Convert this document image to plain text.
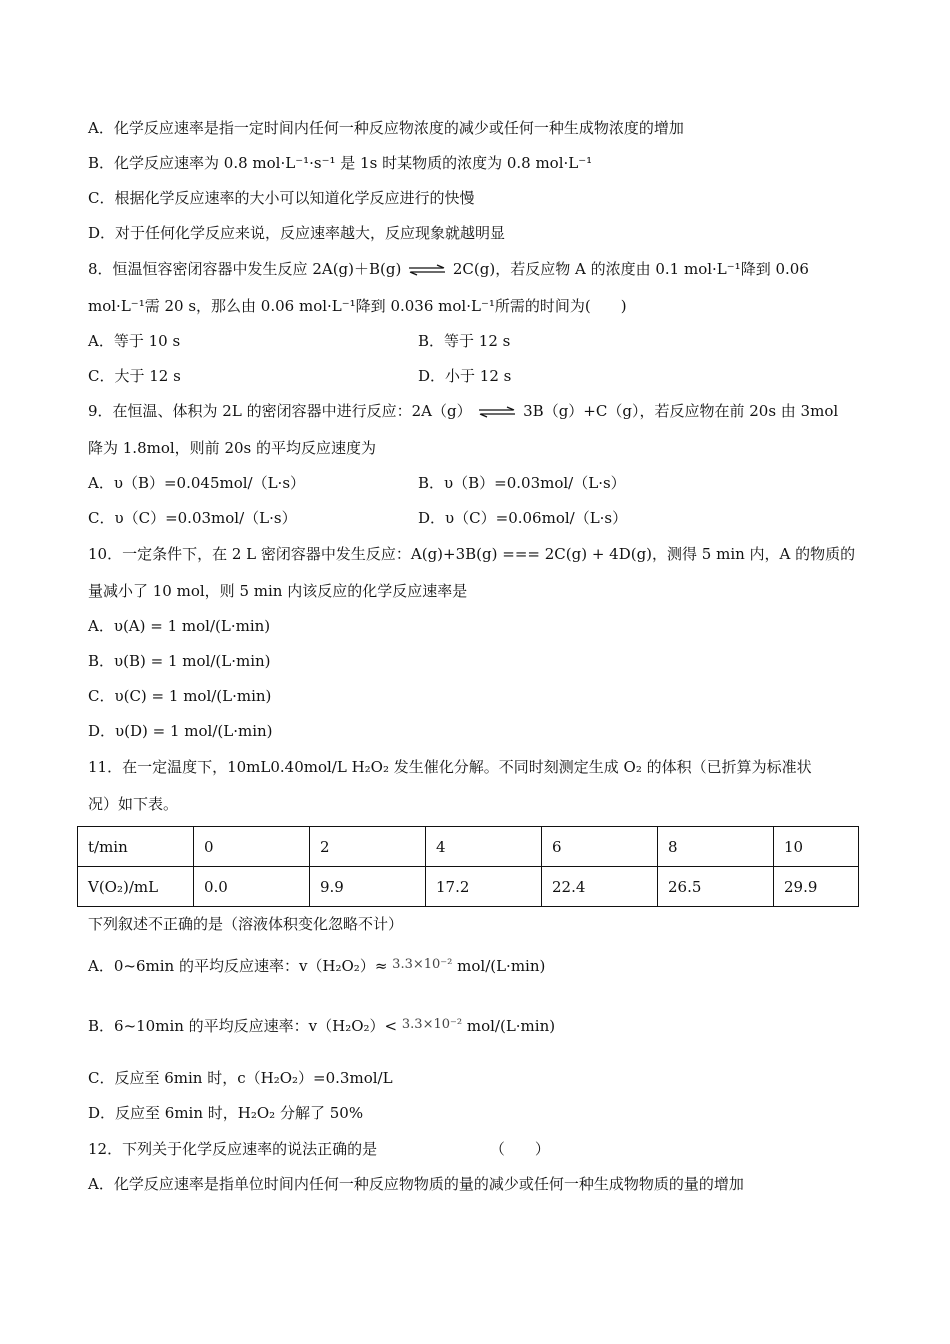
A．化学反应速率是指一定时间内任何一种反应物浓度的减少或任何一种生成物浓度的增加
B．化学反应速率为 0.8 mol·L⁻¹·s⁻¹ 是 1s 时某物质的浓度为 0.8 mol·L⁻¹
C．根据化学反应速率的大小可以知道化学反应进行的快慢
D．对于任何化学反应来说，反应速率越大，反应现象就越明显
8．恒温恒容密闭容器中发生反应 2A(g)＋B(g) ⇌ 2C(g)，若反应物 A 的浓度由 0.1 mol·L⁻¹降到 0.06
mol·L⁻¹需 20 s，那么由 0.06 mol·L⁻¹降到 0.036 mol·L⁻¹所需的时间为(　　)
A．等于 10 s	B．等于 12 s
C．大于 12 s	D．小于 12 s
9．在恒温、体积为 2L 的密闭容器中进行反应：2A（g） ⇌ 3B（g）+C（g），若反应物在前 20s 由 3mol
降为 1.8mol，则前 20s 的平均反应速度为
A．υ（B）=0.045mol/（L·s）	B．υ（B）=0.03mol/（L·s）
C．υ（C）=0.03mol/（L·s）	D．υ（C）=0.06mol/（L·s）
10．一定条件下，在 2 L 密闭容器中发生反应：A(g)+3B(g) === 2C(g) + 4D(g)，测得 5 min 内，A 的物质的
量减小了 10 mol，则 5 min 内该反应的化学反应速率是
A．υ(A) = 1 mol/(L·min)
B．υ(B) = 1 mol/(L·min)
C．υ(C) = 1 mol/(L·min)
D．υ(D) = 1 mol/(L·min)
11．在一定温度下，10mL0.40mol/L H₂O₂ 发生催化分解。不同时刻测定生成 O₂ 的体积（已折算为标准状
况）如下表。
t/min	0	2	4	6	8	10
V(O₂)/mL	0.0	9.9	17.2	22.4	26.5	29.9
下列叙述不正确的是（溶液体积变化忽略不计）
A．0~6min 的平均反应速率：v（H₂O₂）≈ 3.3×10⁻² mol/(L·min)
B．6~10min 的平均反应速率：v（H₂O₂）< 3.3×10⁻² mol/(L·min)
C．反应至 6min 时，c（H₂O₂）=0.3mol/L
D．反应至 6min 时，H₂O₂ 分解了 50%
12．下列关于化学反应速率的说法正确的是	（　　）
A．化学反应速率是指单位时间内任何一种反应物物质的量的减少或任何一种生成物物质的量的增加
